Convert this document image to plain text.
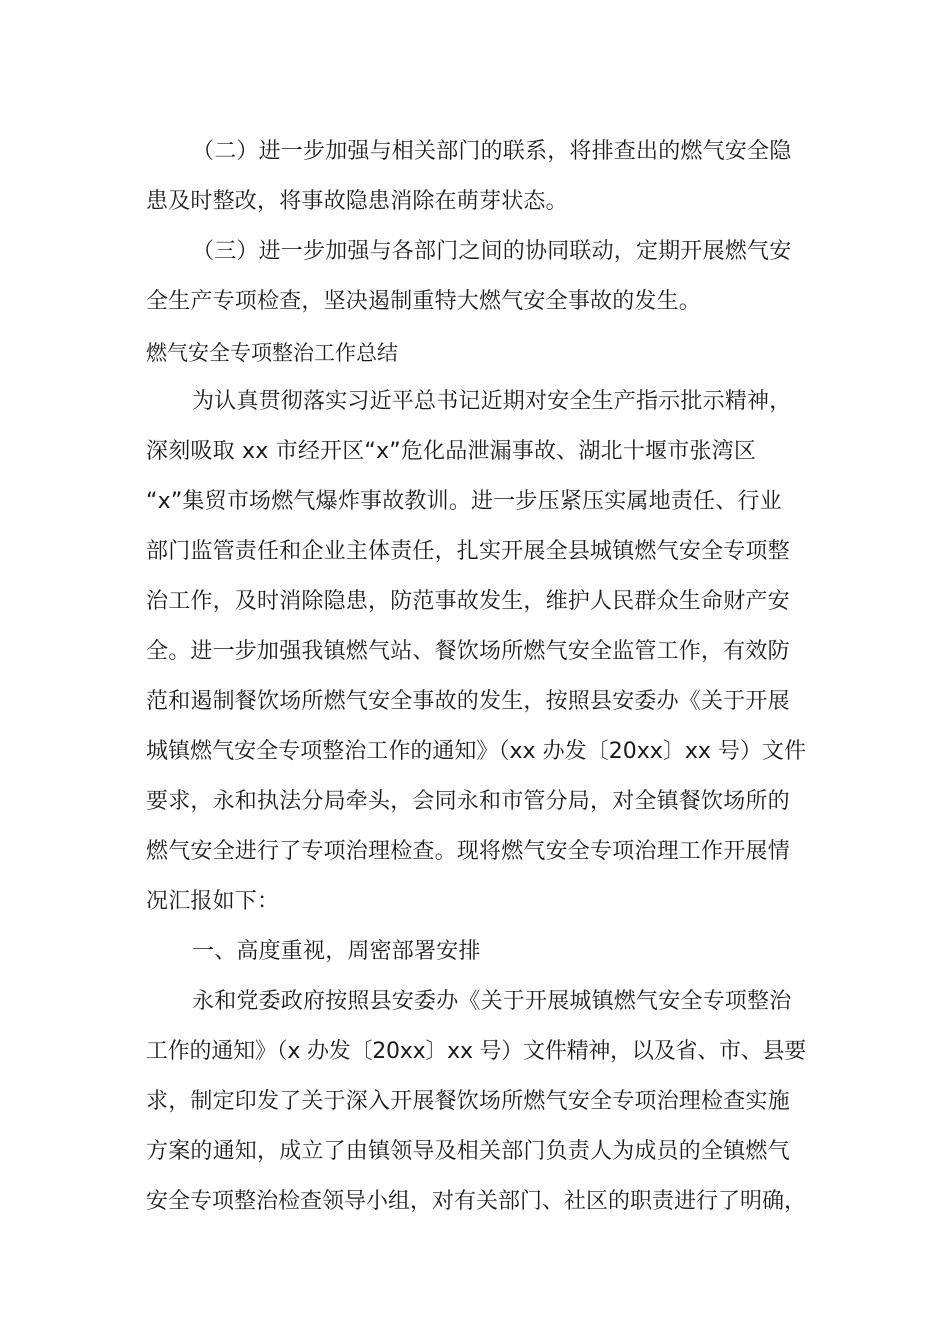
（二）进一步加强与相关部门的联系，将排查出的燃气安全隐
患及时整改，将事故隐患消除在萌芽状态。
（三）进一步加强与各部门之间的协同联动，定期开展燃气安
全生产专项检查，坚决遏制重特大燃气安全事故的发生。
燃气安全专项整治工作总结
为认真贯彻落实习近平总书记近期对安全生产指示批示精神，
深刻吸取 xx 市经开区“x”危化品泄漏事故、湖北十堰市张湾区
“x”集贸市场燃气爆炸事故教训。进一步压紧压实属地责任、行业
部门监管责任和企业主体责任，扎实开展全县城镇燃气安全专项整
治工作，及时消除隐患，防范事故发生，维护人民群众生命财产安
全。进一步加强我镇燃气站、餐饮场所燃气安全监管工作，有效防
范和遏制餐饮场所燃气安全事故的发生，按照县安委办《关于开展
城镇燃气安全专项整治工作的通知》（xx 办发〔20xx〕xx 号）文件
要求，永和执法分局牵头，会同永和市管分局，对全镇餐饮场所的
燃气安全进行了专项治理检查。现将燃气安全专项治理工作开展情
况汇报如下：
一、高度重视，周密部署安排
永和党委政府按照县安委办《关于开展城镇燃气安全专项整治
工作的通知》（x 办发〔20xx〕xx 号）文件精神，以及省、市、县要
求，制定印发了关于深入开展餐饮场所燃气安全专项治理检查实施
方案的通知，成立了由镇领导及相关部门负责人为成员的全镇燃气
安全专项整治检查领导小组，对有关部门、社区的职责进行了明确，
